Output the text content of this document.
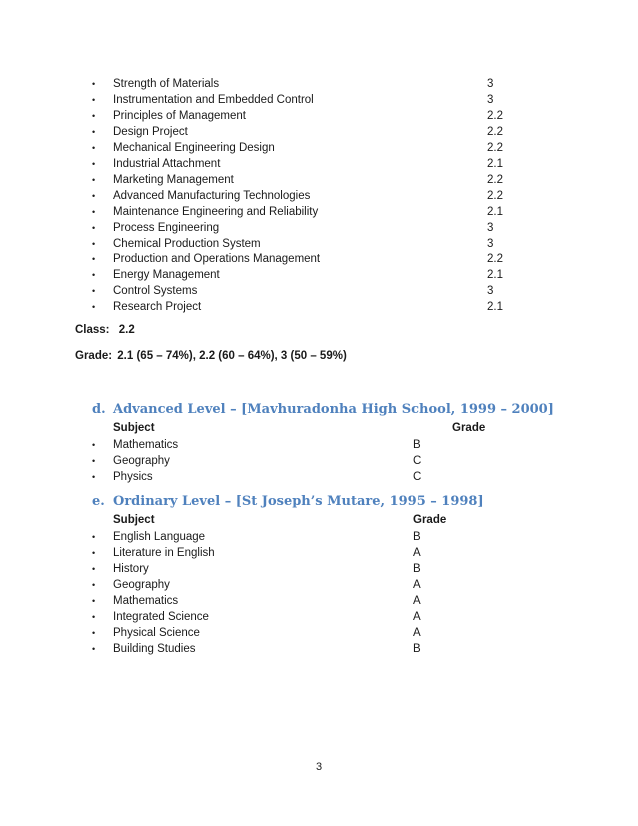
• Strength of Materials	3
• Instrumentation and Embedded Control	3
• Principles of Management	2.2
• Design Project	2.2
• Mechanical Engineering Design	2.2
• Industrial Attachment	2.1
• Marketing Management	2.2
• Advanced Manufacturing Technologies	2.2
• Maintenance Engineering and Reliability	2.1
• Process Engineering	3
• Chemical Production System	3
• Production and Operations Management	2.2
• Energy Management	2.1
• Control Systems	3
• Research Project	2.1
Class: 2.2
Grade: 2.1 (65 – 74%), 2.2 (60 – 64%), 3 (50 – 59%)
d. Advanced Level – [Mavhuradonha High School, 1999 – 2000]
Subject	Grade
• Mathematics	B
• Geography	C
• Physics	C
e. Ordinary Level – [St Joseph’s Mutare, 1995 – 1998]
Subject	Grade
• English Language	B
• Literature in English	A
• History	B
• Geography	A
• Mathematics	A
• Integrated Science	A
• Physical Science	A
• Building Studies	B
3
